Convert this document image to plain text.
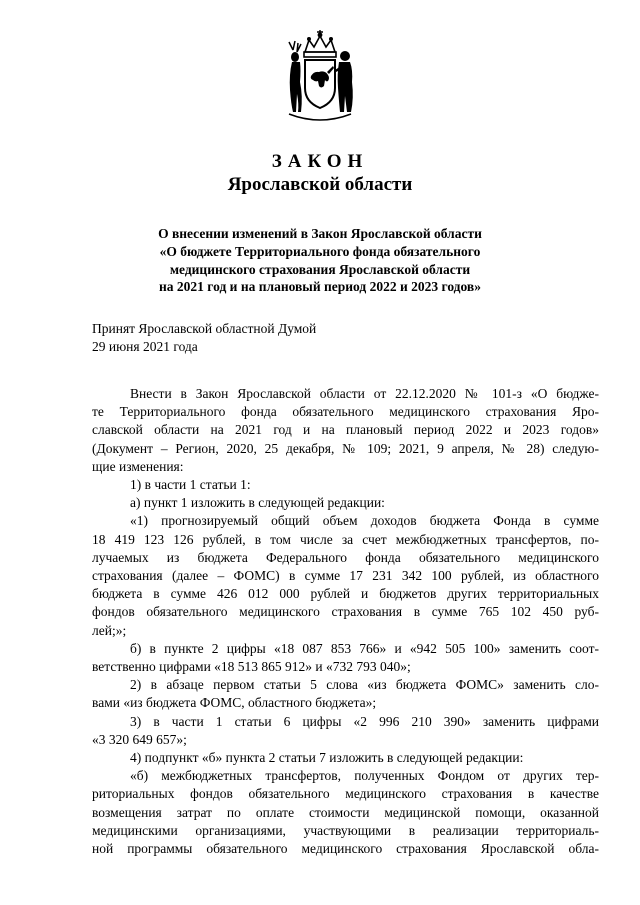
ЗАКОН
Ярославской области
О внесении изменений в Закон Ярославской области
«О бюджете Территориального фонда обязательного
медицинского страхования Ярославской области
на 2021 год и на плановый период 2022 и 2023 годов»
Принят Ярославской областной Думой
29 июня 2021 года
Внести в Закон Ярославской области от 22.12.2020 № 101-з «О бюдже-
те Территориального фонда обязательного медицинского страхования Яро-
славской области на 2021 год и на плановый период 2022 и 2023 годов»
(Документ – Регион, 2020, 25 декабря, № 109; 2021, 9 апреля, № 28) следую-
щие изменения:
1) в части 1 статьи 1:
а) пункт 1 изложить в следующей редакции:
«1) прогнозируемый общий объем доходов бюджета Фонда в сумме
18 419 123 126 рублей, в том числе за счет межбюджетных трансфертов, по-
лучаемых из бюджета Федерального фонда обязательного медицинского
страхования (далее – ФОМС) в сумме 17 231 342 100 рублей, из областного
бюджета в сумме 426 012 000 рублей и бюджетов других территориальных
фондов обязательного медицинского страхования в сумме 765 102 450 руб-
лей;»;
б) в пункте 2 цифры «18 087 853 766» и «942 505 100» заменить соот-
ветственно цифрами «18 513 865 912» и «732 793 040»;
2) в абзаце первом статьи 5 слова «из бюджета ФОМС» заменить сло-
вами «из бюджета ФОМС, областного бюджета»;
3) в части 1 статьи 6 цифры «2 996 210 390» заменить цифрами
«3 320 649 657»;
4) подпункт «б» пункта 2 статьи 7 изложить в следующей редакции:
«б) межбюджетных трансфертов, полученных Фондом от других тер-
риториальных фондов обязательного медицинского страхования в качестве
возмещения затрат по оплате стоимости медицинской помощи, оказанной
медицинскими организациями, участвующими в реализации территориаль-
ной программы обязательного медицинского страхования Ярославской обла-
